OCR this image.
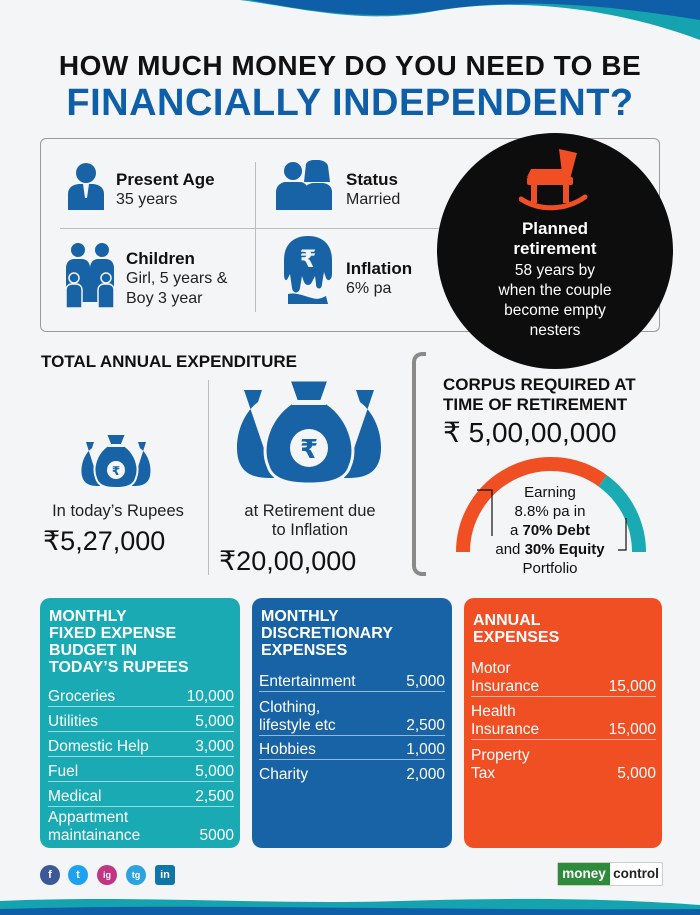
HOW MUCH MONEY DO YOU NEED TO BE
FINANCIALLY INDEPENDENT?
Present Age
35 years
Status
Married
Children
Girl, 5 years &
Boy 3 year
₹ Inflation
6% pa
Planned
retirement
58 years by
when the couple
become empty
nesters
TOTAL ANNUAL EXPENDITURE
₹
In today’s Rupees
₹5,27,000
₹
at Retirement due
to Inflation
₹20,00,000
CORPUS REQUIRED AT
TIME OF RETIREMENT
₹ 5,00,00,000
Earning
8.8% pa in
a 70% Debt
and 30% Equity
Portfolio
MONTHLY
FIXED EXPENSE
BUDGET IN
TODAY’S RUPEES
Groceries	10,000
Utilities	5,000
Domestic Help	3,000
Fuel	5,000
Medical	2,500
Appartment
maintainance	5000
MONTHLY
DISCRETIONARY
EXPENSES
Entertainment	5,000
Clothing,
lifestyle etc	2,500
Hobbies	1,000
Charity	2,000
ANNUAL
EXPENSES
Motor
Insurance	15,000
Health
Insurance	15,000
Property
Tax	5,000
f	t	ig	tg	in	money control
